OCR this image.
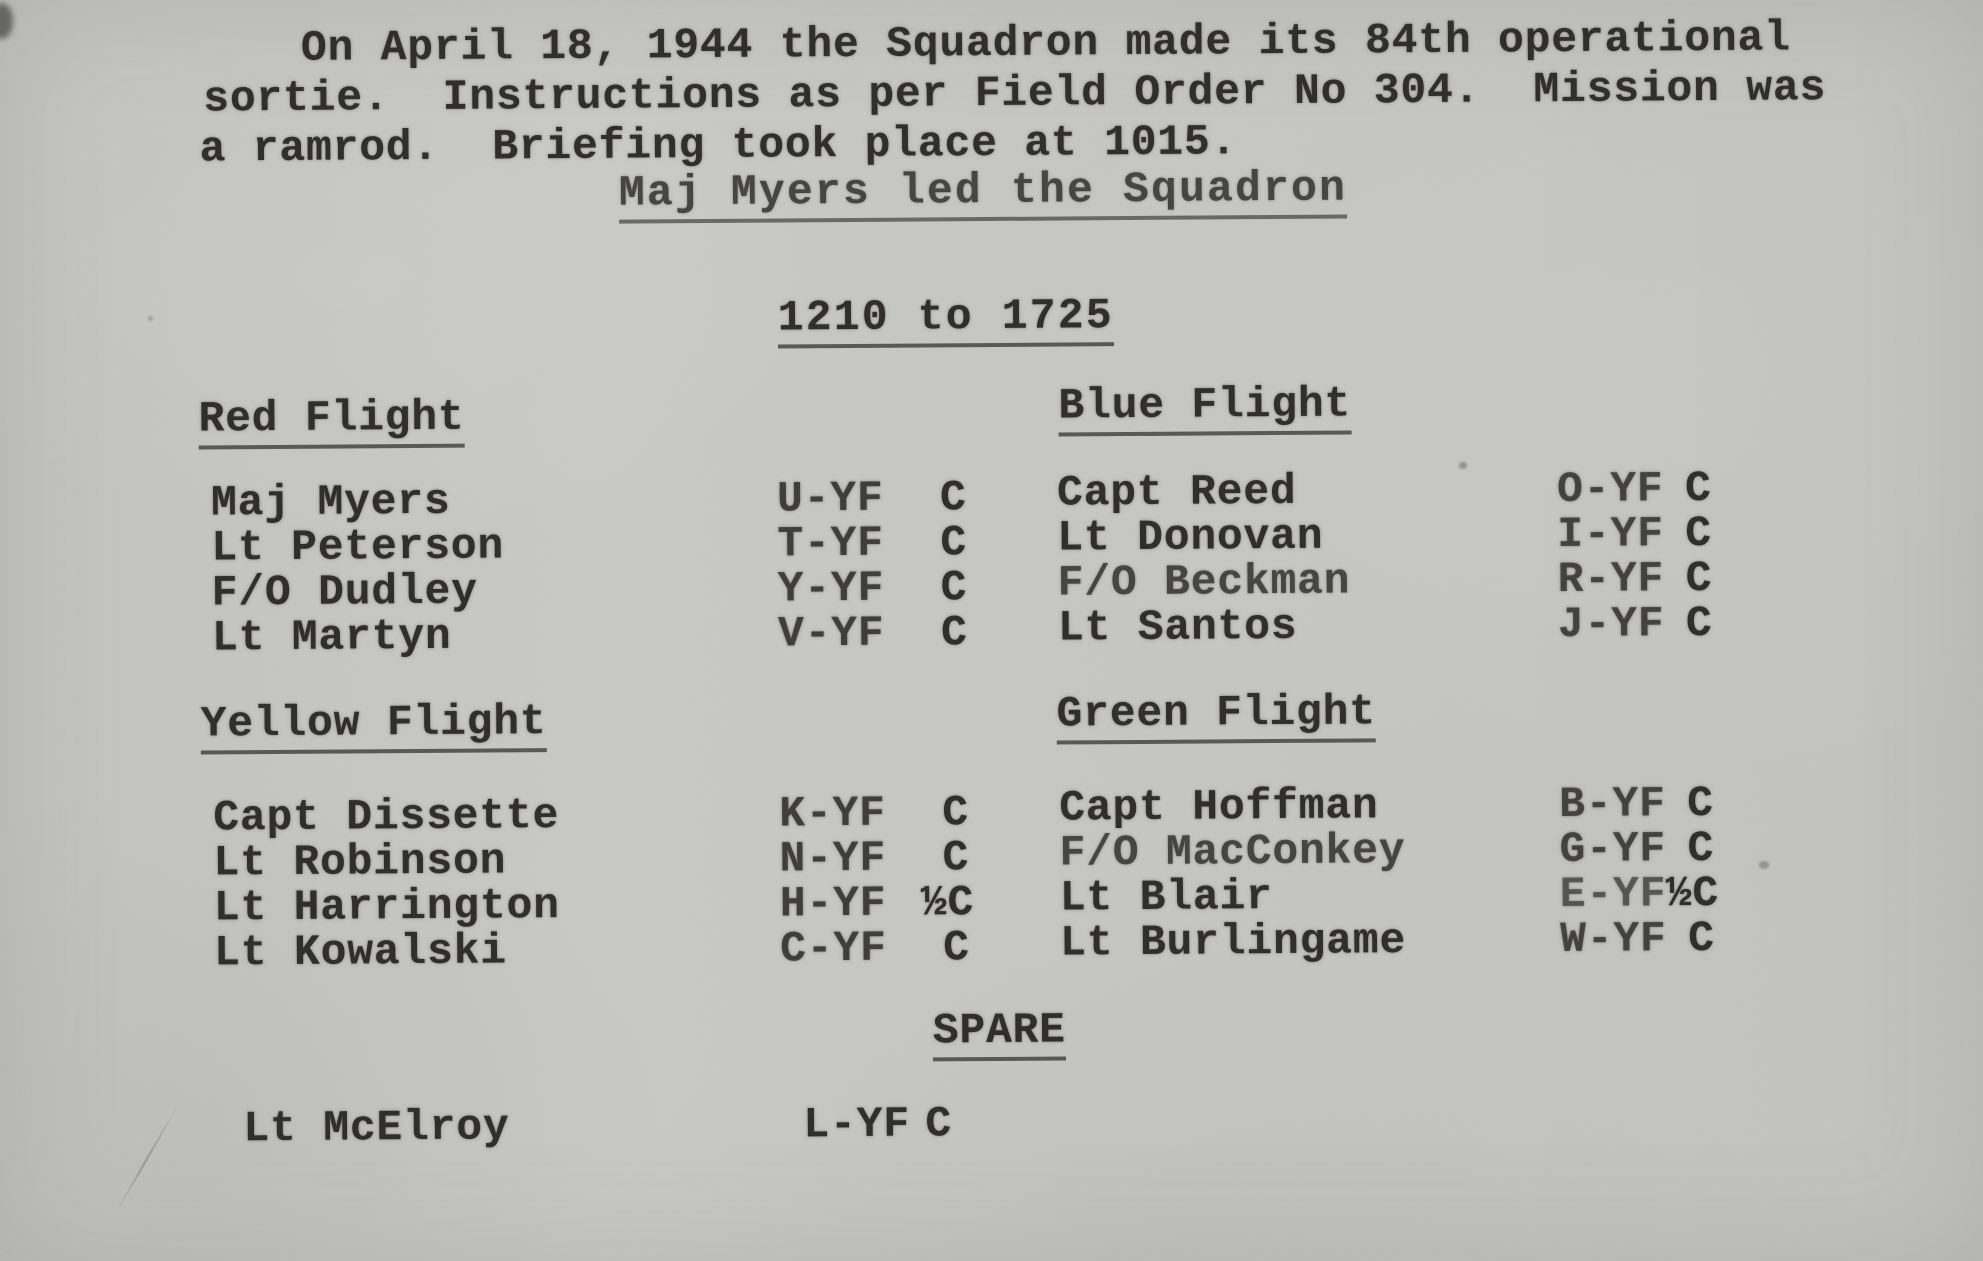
On April 18, 1944 the Squadron made its 84th operational
sortie.  Instructions as per Field Order No 304.  Mission was
a ramrod.  Briefing took place at 1015.
Maj Myers led the Squadron
1210 to 1725
Red Flight	Blue Flight
Yellow Flight	Green Flight
Maj Myers	U-YF C
Lt Peterson	T-YF C
F/O Dudley	Y-YF C
Lt Martyn	V-YF C
Capt Reed	O-YF C
Lt Donovan	I-YF C
F/O Beckman	R-YF C
Lt Santos	J-YF C
Capt Dissette	K-YF C
Lt Robinson	N-YF C
Lt Harrington	H-YF ½C
Lt Kowalski	C-YF C
Capt Hoffman	B-YF C
F/O MacConkey	G-YF C
Lt Blair	E-YF ½C
Lt Burlingame	W-YF C
SPARE
Lt McElroy	L-YF C
